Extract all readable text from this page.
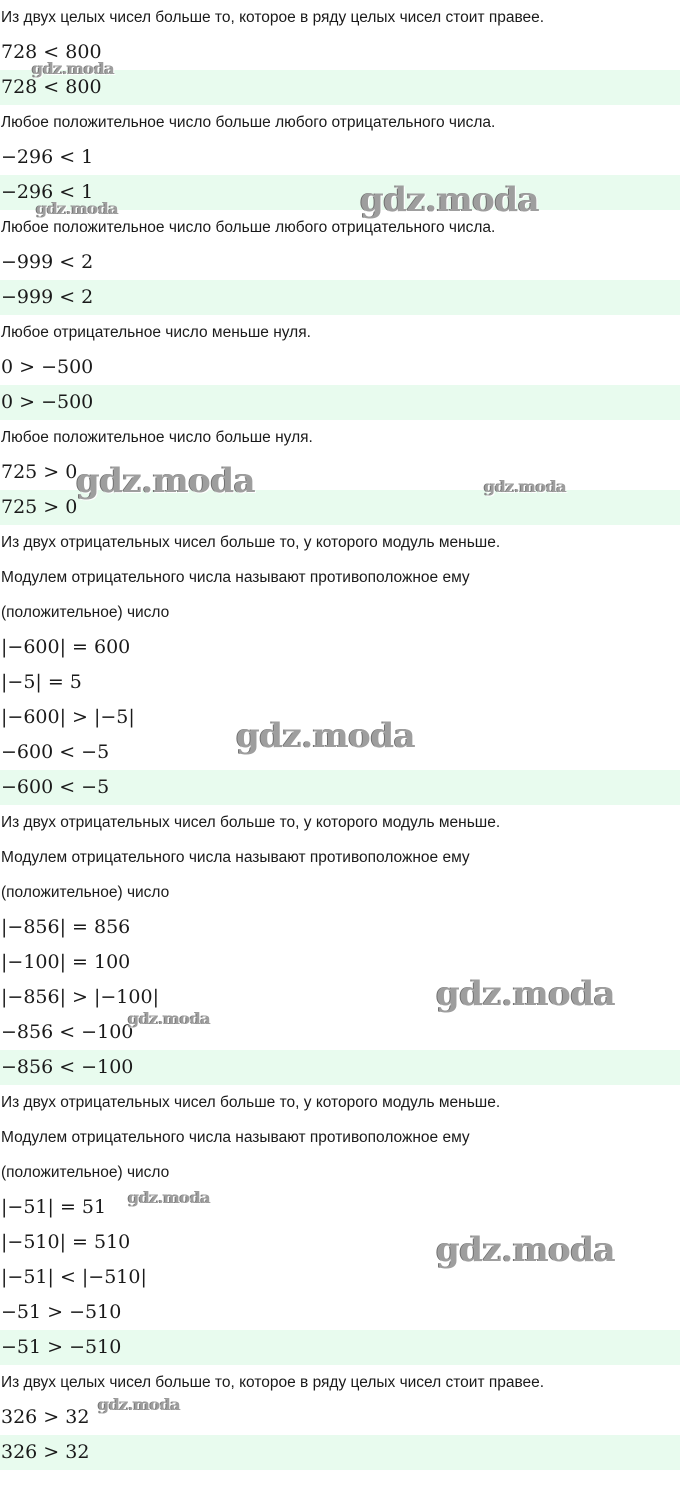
Из двух целых чисел больше то, которое в ряду целых чисел стоит правее.
728 < 800
728 < 800
Любое положительное число больше любого отрицательного числа.
−296 < 1
−296 < 1
Любое положительное число больше любого отрицательного числа.
−999 < 2
−999 < 2
Любое отрицательное число меньше нуля.
0 > −500
0 > −500
Любое положительное число больше нуля.
725 > 0
725 > 0
Из двух отрицательных чисел больше то, у которого модуль меньше.
Модулем отрицательного числа называют противоположное ему
(положительное) число
|−600| = 600
|−5| = 5
|−600| > |−5|
−600 < −5
−600 < −5
Из двух отрицательных чисел больше то, у которого модуль меньше.
Модулем отрицательного числа называют противоположное ему
(положительное) число
|−856| = 856
|−100| = 100
|−856| > |−100|
−856 < −100
−856 < −100
Из двух отрицательных чисел больше то, у которого модуль меньше.
Модулем отрицательного числа называют противоположное ему
(положительное) число
|−51| = 51
|−510| = 510
|−51| < |−510|
−51 > −510
−51 > −510
Из двух целых чисел больше то, которое в ряду целых чисел стоит правее.
326 > 32
326 > 32
gdz.moda
gdz.moda
gdz.moda
gdz.moda	gdz.moda
gdz.moda
gdz.moda
gdz.moda
gdz.moda
gdz.moda
gdz.moda
